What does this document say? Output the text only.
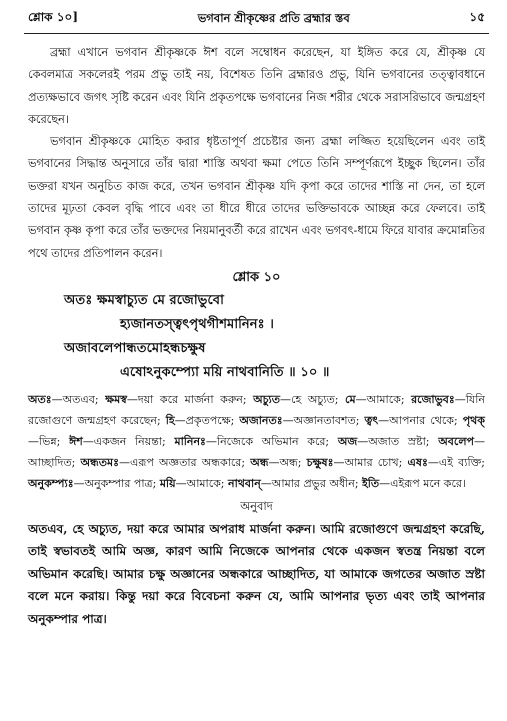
শ্লোক ১০]	ভগবান শ্রীকৃষ্ণের প্রতি ব্রহ্মার স্তব	১৫

ব্রহ্মা এখানে ভগবান শ্রীকৃষ্ণকে ঈশ বলে সম্বোধন করেছেন, যা ইঙ্গিত করে যে, শ্রীকৃষ্ণ যে কেবলমাত্র সকলেরই পরম প্রভু তাই নয়, বিশেষত তিনি ব্রহ্মারও প্রভু, যিনি ভগবানের তত্ত্বাবধানে প্রত্যক্ষভাবে জগৎ সৃষ্টি করেন এবং যিনি প্রকৃতপক্ষে ভগবানের নিজ শরীর থেকে সরাসরিভাবে জন্মগ্রহণ করেছেন।

ভগবান শ্রীকৃষ্ণকে মোহিত করার ধৃষ্টতাপূর্ণ প্রচেষ্টার জন্য ব্রহ্মা লজ্জিত হয়েছিলেন এবং তাই ভগবানের সিদ্ধান্ত অনুসারে তাঁর দ্বারা শাস্তি অথবা ক্ষমা পেতে তিনি সম্পূর্ণরূপে ইচ্ছুক ছিলেন। তাঁর ভক্তরা যখন অনুচিত কাজ করে, তখন ভগবান শ্রীকৃষ্ণ যদি কৃপা করে তাদের শাস্তি না দেন, তা হলে তাদের মূঢ়তা কেবল বৃদ্ধি পাবে এবং তা ধীরে ধীরে তাদের ভক্তিভাবকে আচ্ছন্ন করে ফেলবে। তাই ভগবান কৃষ্ণ কৃপা করে তাঁর ভক্তদের নিয়মানুবর্তী করে রাখেন এবং ভগবৎ-ধামে ফিরে যাবার ক্রমোন্নতির পথে তাদের প্রতিপালন করেন।

শ্লোক ১০
অতঃ ক্ষমস্বাচ্যুত মে রজোভুবো
হ্যজানতস্ত্বৎপৃথগীশমানিনঃ ।
অজাবলেপান্ধতমোহন্ধচক্ষুষ
এষোঽনুকম্প্যো ময়ি নাথবানিতি ॥ ১০ ॥
অতঃ—অতএব; ক্ষমস্ব—দয়া করে মার্জনা করুন; অচ্যুত—হে অচ্যুত; মে—আমাকে; রজোভুবঃ—যিনি রজোগুণে জন্মগ্রহণ করেছেন; হি—প্রকৃতপক্ষে; অজানতঃ—অজ্ঞানতাবশত; ত্বৎ—আপনার থেকে; পৃথক্—ভিন্ন; ঈশ—একজন নিয়ন্তা; মানিনঃ—নিজেকে অভিমান করে; অজ—অজাত স্রষ্টা; অবলেপ—আচ্ছাদিত; অন্ধতমঃ—এরূপ অজ্ঞতার অন্ধকারে; অন্ধ—অন্ধ; চক্ষুষঃ—আমার চোখ; এষঃ—এই ব্যক্তি; অনুকম্প্যঃ—অনুকম্পার পাত্র; ময়ি—আমাকে; নাথবান্—আমার প্রভুর অধীন; ইতি—এইরূপ মনে করে।
অনুবাদ
অতএব, হে অচ্যুত, দয়া করে আমার অপরাধ মার্জনা করুন। আমি রজোগুণে জন্মগ্রহণ করেছি, তাই স্বভাবতই আমি অজ্ঞ, কারণ আমি নিজেকে আপনার থেকে একজন স্বতন্ত্র নিয়ন্তা বলে অভিমান করেছি। আমার চক্ষু অজ্ঞানের অন্ধকারে আচ্ছাদিত, যা আমাকে জগতের অজাত স্রষ্টা বলে মনে করায়। কিন্তু দয়া করে বিবেচনা করুন যে, আমি আপনার ভৃত্য এবং তাই আপনার অনুকম্পার পাত্র।
